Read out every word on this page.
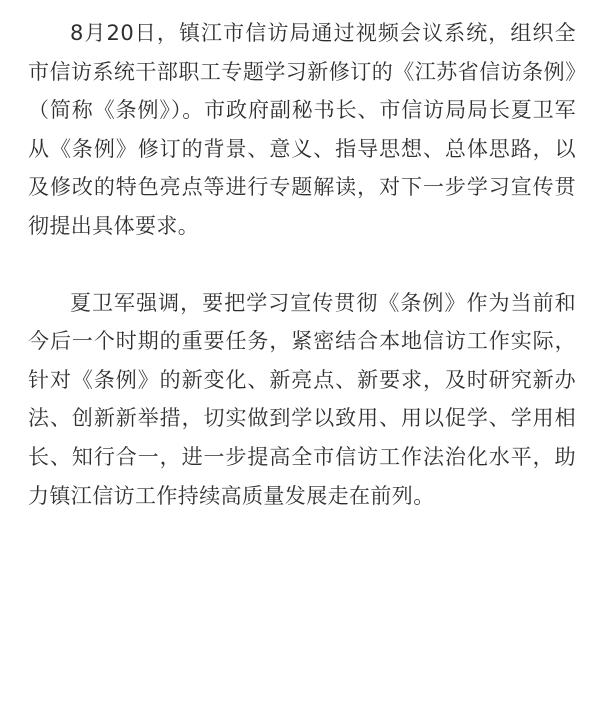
8月20日，镇江市信访局通过视频会议系统，组织全市信访系统干部职工专题学习新修订的《江苏省信访条例》（简称《条例》）。市政府副秘书长、市信访局局长夏卫军从《条例》修订的背景、意义、指导思想、总体思路，以及修改的特色亮点等进行专题解读，对下一步学习宣传贯彻提出具体要求。

夏卫军强调，要把学习宣传贯彻《条例》作为当前和今后一个时期的重要任务，紧密结合本地信访工作实际，针对《条例》的新变化、新亮点、新要求，及时研究新办法、创新新举措，切实做到学以致用、用以促学、学用相长、知行合一，进一步提高全市信访工作法治化水平，助力镇江信访工作持续高质量发展走在前列。
